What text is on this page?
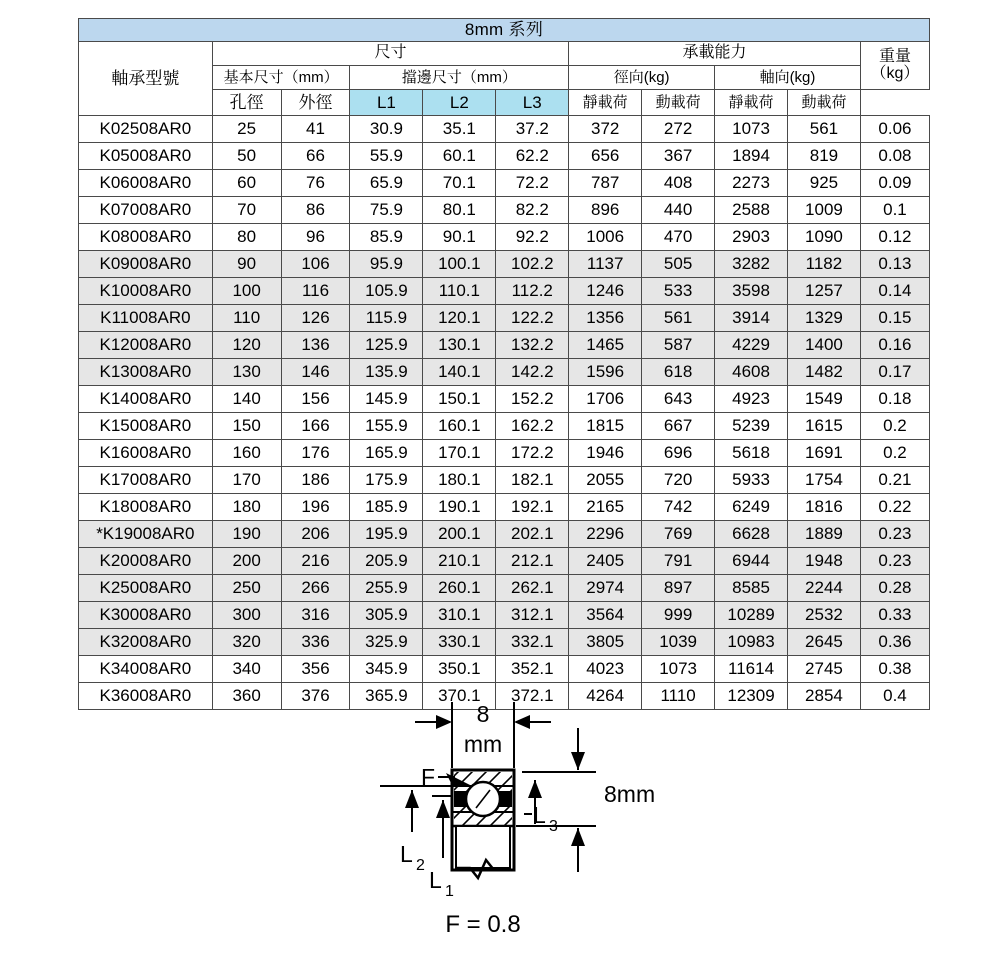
8mm 系列										
軸承型號	尺寸					承載能力				重量
（kg）

	基本尺寸（mm）		擋邊尺寸（mm）			徑向(kg)		軸向(kg)		
	孔徑	外徑	L1	L2	L3	靜載荷	動載荷	靜載荷	動載荷	
K02508AR0	25	41	30.9	35.1	37.2	372	272	1073	561	0.06
K05008AR0	50	66	55.9	60.1	62.2	656	367	1894	819	0.08
K06008AR0	60	76	65.9	70.1	72.2	787	408	2273	925	0.09
K07008AR0	70	86	75.9	80.1	82.2	896	440	2588	1009	0.1
K08008AR0	80	96	85.9	90.1	92.2	1006	470	2903	1090	0.12
K09008AR0	90	106	95.9	100.1	102.2	1137	505	3282	1182	0.13
K10008AR0	100	116	105.9	110.1	112.2	1246	533	3598	1257	0.14
K11008AR0	110	126	115.9	120.1	122.2	1356	561	3914	1329	0.15
K12008AR0	120	136	125.9	130.1	132.2	1465	587	4229	1400	0.16
K13008AR0	130	146	135.9	140.1	142.2	1596	618	4608	1482	0.17
K14008AR0	140	156	145.9	150.1	152.2	1706	643	4923	1549	0.18
K15008AR0	150	166	155.9	160.1	162.2	1815	667	5239	1615	0.2
K16008AR0	160	176	165.9	170.1	172.2	1946	696	5618	1691	0.2
K17008AR0	170	186	175.9	180.1	182.1	2055	720	5933	1754	0.21
K18008AR0	180	196	185.9	190.1	192.1	2165	742	6249	1816	0.22
*K19008AR0	190	206	195.9	200.1	202.1	2296	769	6628	1889	0.23
K20008AR0	200	216	205.9	210.1	212.1	2405	791	6944	1948	0.23
K25008AR0	250	266	255.9	260.1	262.1	2974	897	8585	2244	0.28
K30008AR0	300	316	305.9	310.1	312.1	3564	999	10289	2532	0.33
K32008AR0	320	336	325.9	330.1	332.1	3805	1039	10983	2645	0.36
K34008AR0	340	356	345.9	350.1	352.1	4023	1073	11614	2745	0.38
K36008AR0	360	376	365.9	370.1	372.1	4264	1110	12309	2854	0.4
8
mm
F
8mm
L 2
L 1
L 3
F = 0.8
